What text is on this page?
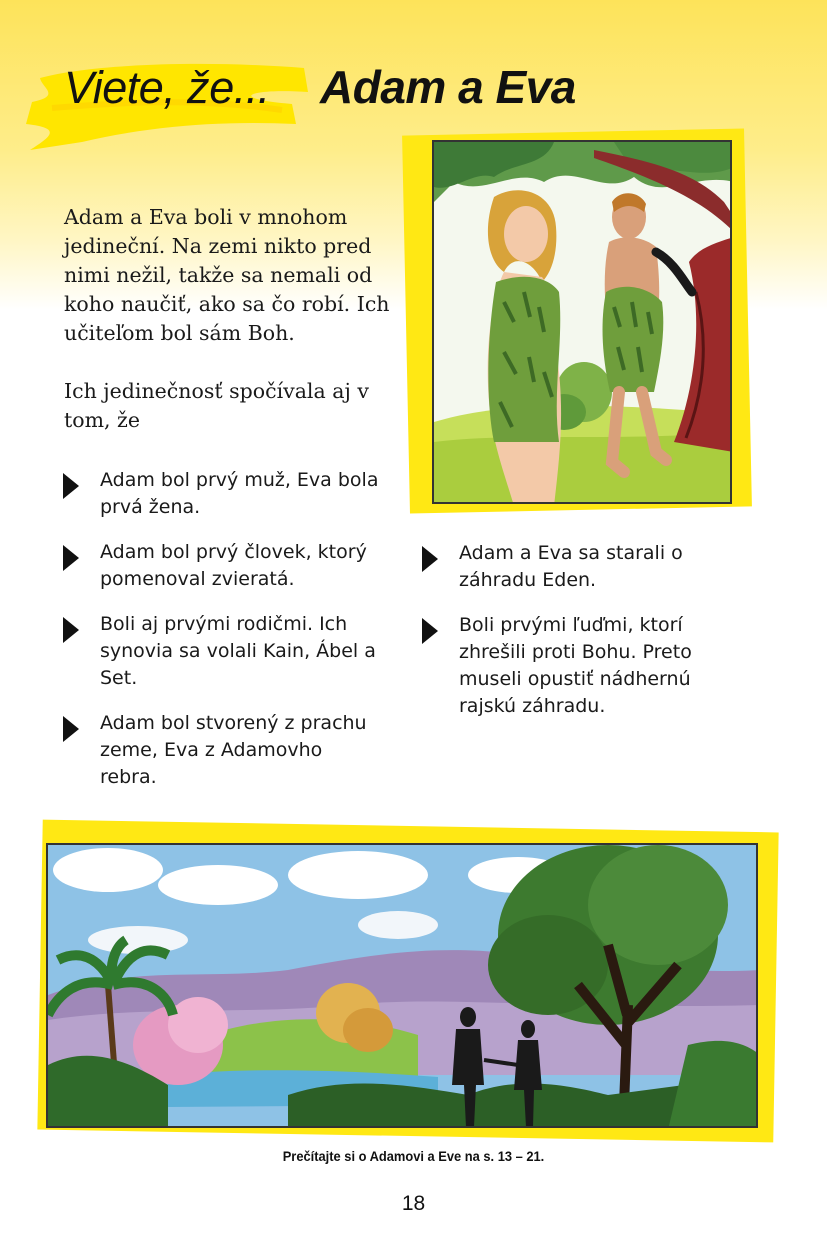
Viete, že... Adam a Eva

Adam a Eva boli v mnohom jedineční. Na zemi nikto pred nimi nežil, takže sa nemali od koho naučiť, ako sa čo robí. Ich učiteľom bol sám Boh.

Ich jedinečnosť spočívala aj v tom, že

Adam bol prvý muž, Eva bola prvá žena.
Adam bol prvý človek, ktorý pomenoval zvieratá.
Boli aj prvými rodičmi. Ich synovia sa volali Kain, Ábel a Set.
Adam bol stvorený z prachu zeme, Eva z Adamovho rebra.
Adam a Eva sa starali o záhradu Eden.
Boli prvými ľuďmi, ktorí zhrešili proti Bohu. Preto museli opustiť nádhernú rajskú záhradu.
Prečítajte si o Adamovi a Eve na s. 13 – 21.
18
